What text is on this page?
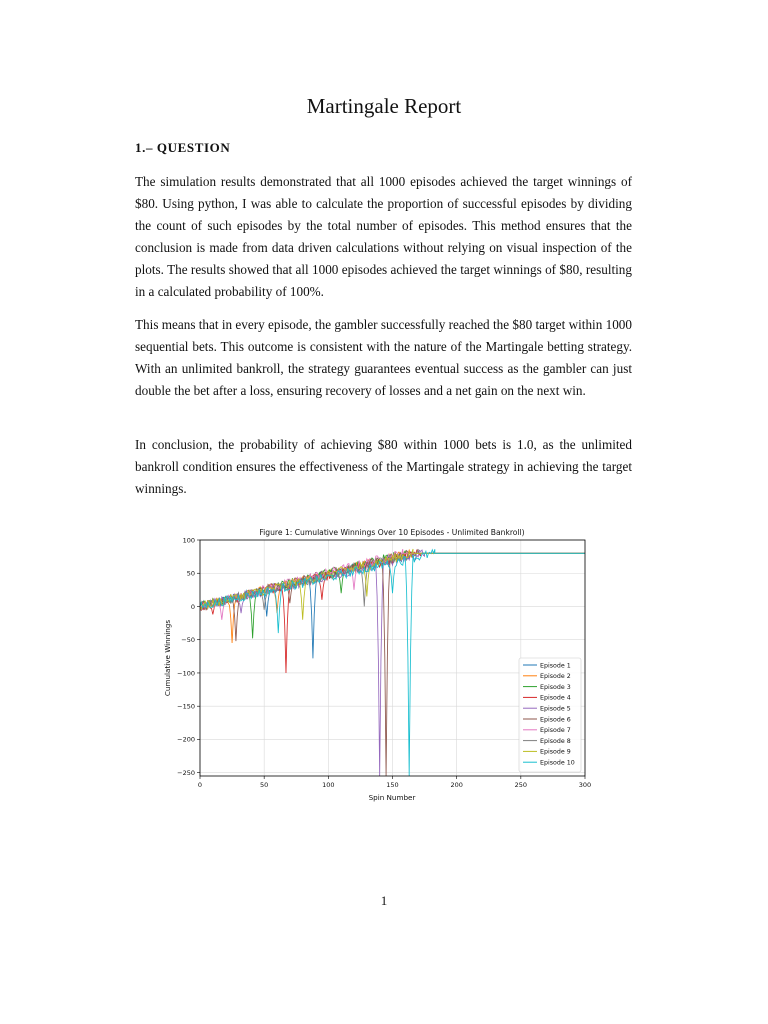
Martingale Report
1.– QUESTION

The simulation results demonstrated that all 1000 episodes achieved the target winnings of $80. Using python, I was able to calculate the proportion of successful episodes by dividing the count of such episodes by the total number of episodes. This method ensures that the conclusion is made from data driven calculations without relying on visual inspection of the plots. The results showed that all 1000 episodes achieved the target winnings of $80, resulting in a calculated probability of 100%.

This means that in every episode, the gambler successfully reached the $80 target within 1000 sequential bets. This outcome is consistent with the nature of the Martingale betting strategy. With an unlimited bankroll, the strategy guarantees eventual success as the gambler can just double the bet after a loss, ensuring recovery of losses and a net gain on the next win.

In conclusion, the probability of achieving $80 within 1000 bets is 1.0, as the unlimited bankroll condition ensures the effectiveness of the Martingale strategy in achieving the target winnings.

Figure 1: Cumulative Winnings Over 10 Episodes - Unlimited Bankroll)
Spin Number
Cumulative Winnings
0	50	100	150	200	250	300
100
50
0
−50
−100
−150
−200
−250
Episode 1
Episode 2
Episode 3
Episode 4
Episode 5
Episode 6
Episode 7
Episode 8
Episode 9
Episode 10
1
